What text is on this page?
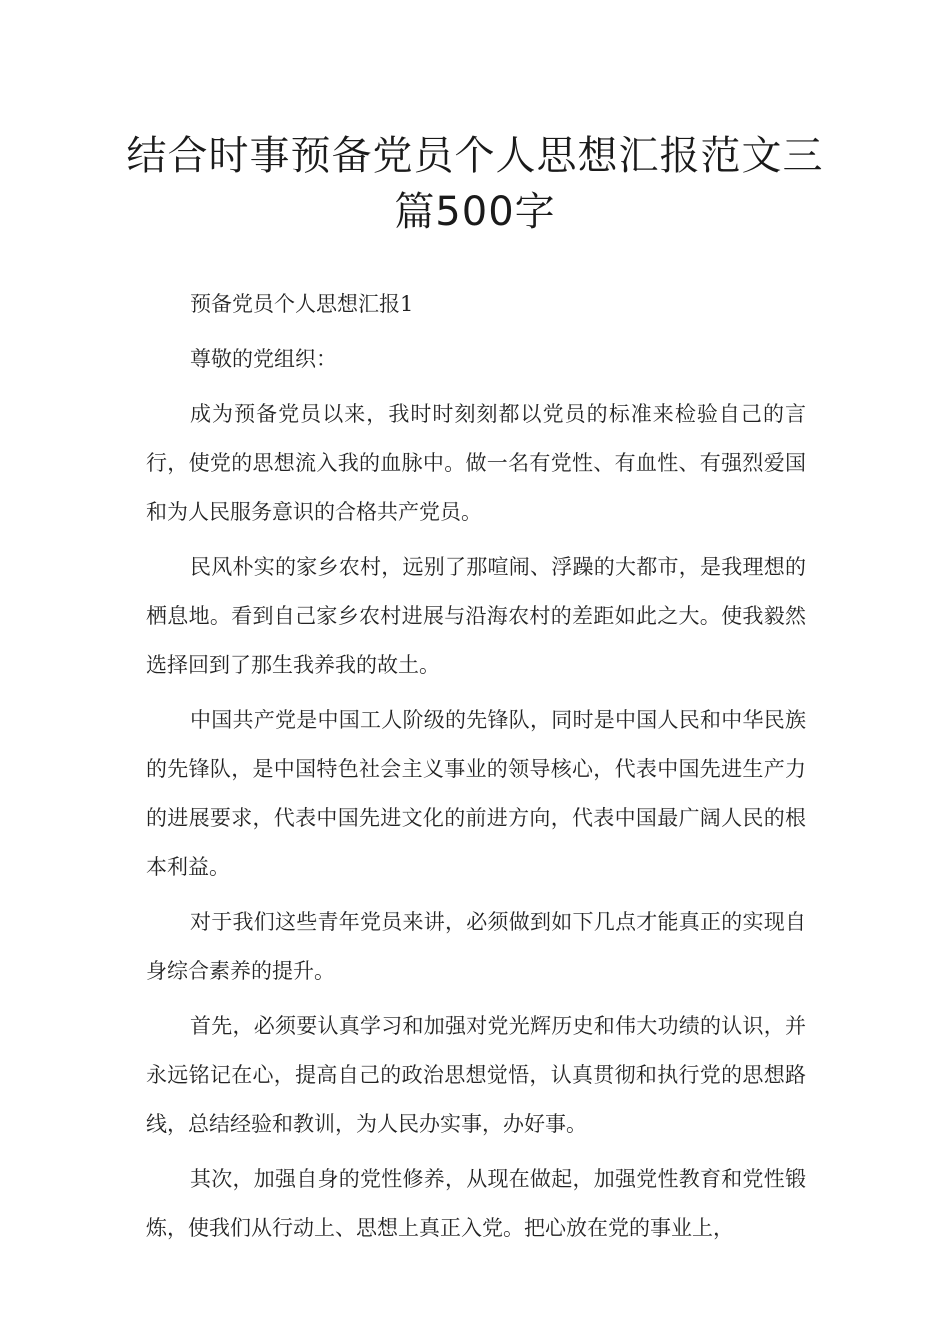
结合时事预备党员个人思想汇报范文三
篇500字

预备党员个人思想汇报1

尊敬的党组织：

成为预备党员以来，我时时刻刻都以党员的标准来检验自己的言行，使党的思想流入我的血脉中。做一名有党性、有血性、有强烈爱国和为人民服务意识的合格共产党员。

民风朴实的家乡农村，远别了那喧闹、浮躁的大都市，是我理想的栖息地。看到自己家乡农村进展与沿海农村的差距如此之大。使我毅然选择回到了那生我养我的故土。

中国共产党是中国工人阶级的先锋队，同时是中国人民和中华民族的先锋队，是中国特色社会主义事业的领导核心，代表中国先进生产力的进展要求，代表中国先进文化的前进方向，代表中国最广阔人民的根本利益。

对于我们这些青年党员来讲，必须做到如下几点才能真正的实现自身综合素养的提升。

首先，必须要认真学习和加强对党光辉历史和伟大功绩的认识，并永远铭记在心，提高自己的政治思想觉悟，认真贯彻和执行党的思想路线，总结经验和教训，为人民办实事，办好事。

其次，加强自身的党性修养，从现在做起，加强党性教育和党性锻炼，使我们从行动上、思想上真正入党。把心放在党的事业上，
